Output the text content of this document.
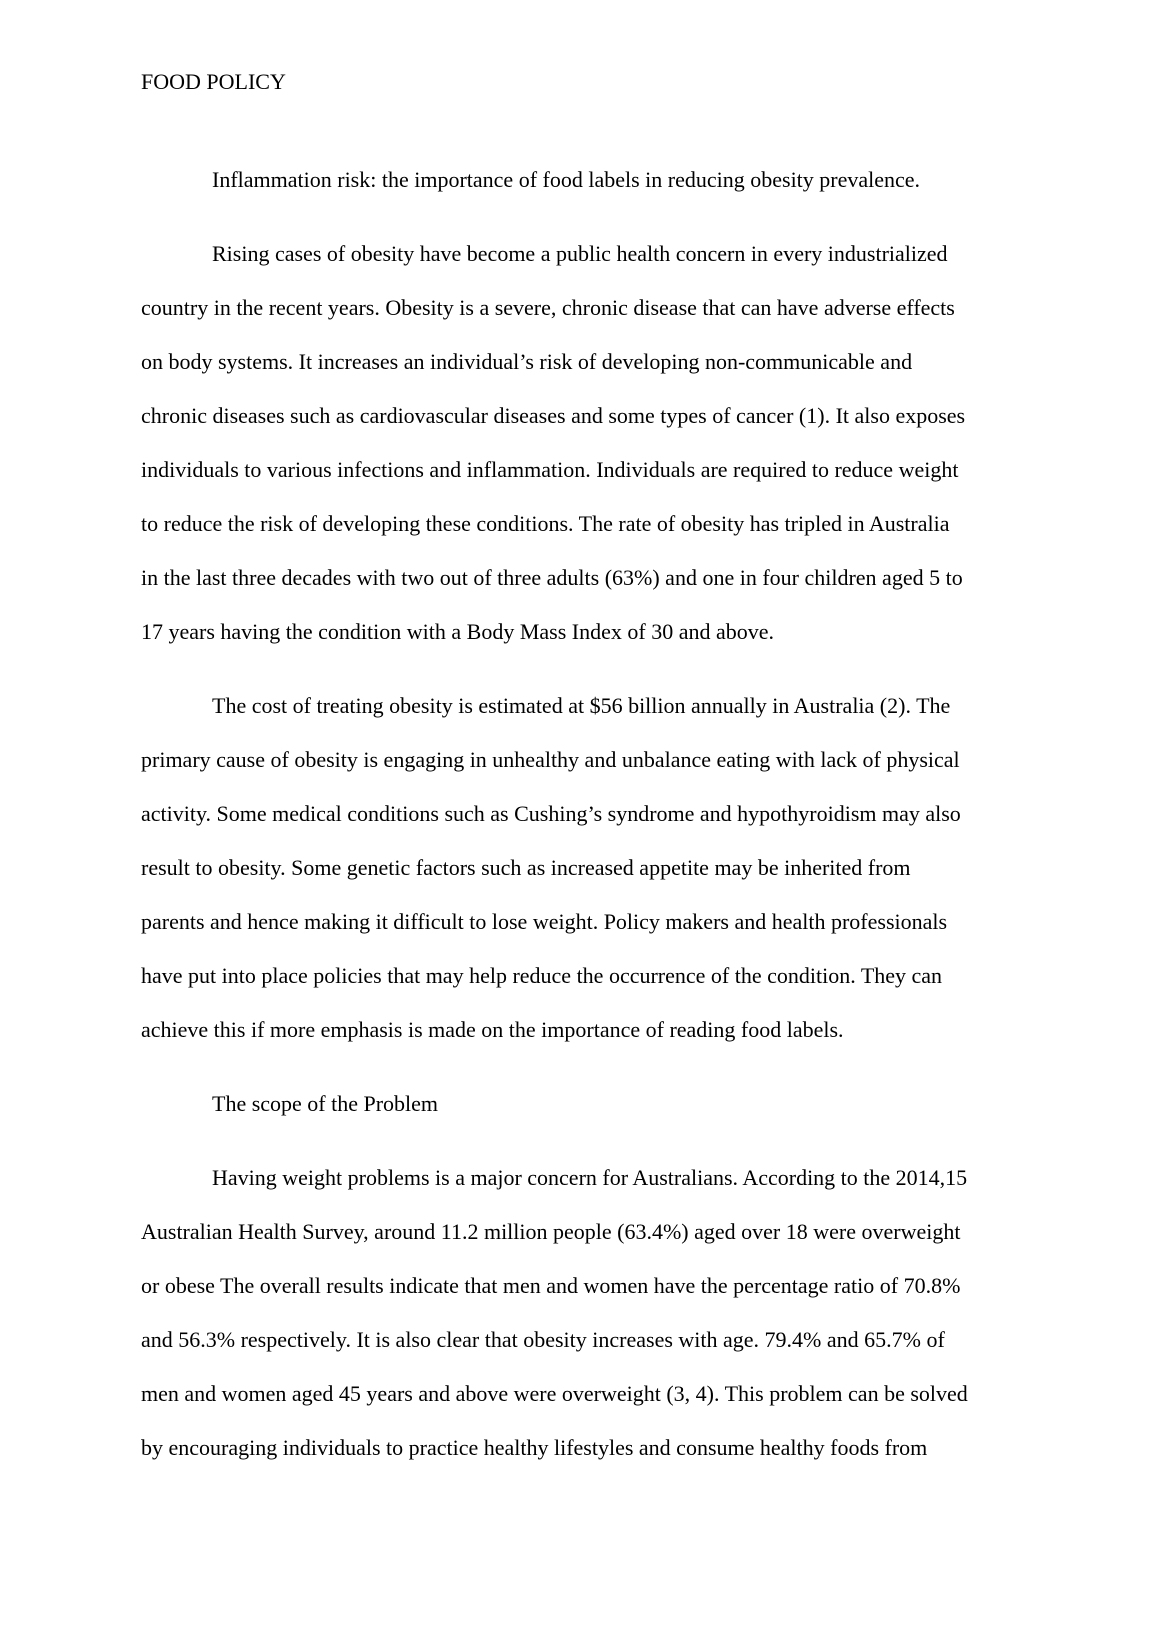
FOOD POLICY

Inflammation risk: the importance of food labels in reducing obesity prevalence.

Rising cases of obesity have become a public health concern in every industrialized
country in the recent years. Obesity is a severe, chronic disease that can have adverse effects
on body systems. It increases an individual’s risk of developing non-communicable and
chronic diseases such as cardiovascular diseases and some types of cancer (1). It also exposes
individuals to various infections and inflammation. Individuals are required to reduce weight
to reduce the risk of developing these conditions. The rate of obesity has tripled in Australia
in the last three decades with two out of three adults (63%) and one in four children aged 5 to
17 years having the condition with a Body Mass Index of 30 and above.

The cost of treating obesity is estimated at $56 billion annually in Australia (2). The
primary cause of obesity is engaging in unhealthy and unbalance eating with lack of physical
activity. Some medical conditions such as Cushing’s syndrome and hypothyroidism may also
result to obesity. Some genetic factors such as increased appetite may be inherited from
parents and hence making it difficult to lose weight. Policy makers and health professionals
have put into place policies that may help reduce the occurrence of the condition. They can
achieve this if more emphasis is made on the importance of reading food labels.

The scope of the Problem

Having weight problems is a major concern for Australians. According to the 2014,15
Australian Health Survey, around 11.2 million people (63.4%) aged over 18 were overweight
or obese The overall results indicate that men and women have the percentage ratio of 70.8%
and 56.3% respectively. It is also clear that obesity increases with age. 79.4% and 65.7% of
men and women aged 45 years and above were overweight (3, 4). This problem can be solved
by encouraging individuals to practice healthy lifestyles and consume healthy foods from
